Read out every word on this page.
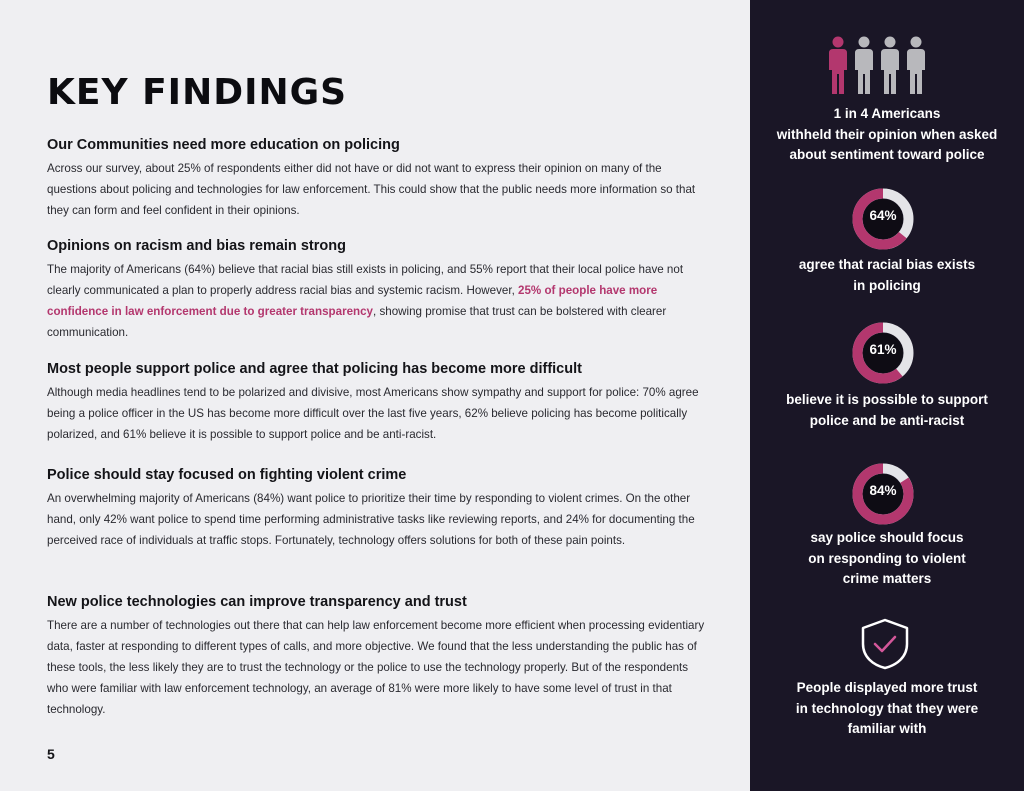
KEY FINDINGS
Our Communities need more education on policing

Across our survey, about 25% of respondents either did not have or did not want to express their opinion on many of the questions about policing and technologies for law enforcement. This could show that the public needs more information so that they can form and feel confident in their opinions.

Opinions on racism and bias remain strong

The majority of Americans (64%) believe that racial bias still exists in policing, and 55% report that their local police have not clearly communicated a plan to properly address racial bias and systemic racism. However, 25% of people have more confidence in law enforcement due to greater transparency, showing promise that trust can be bolstered with clearer communication.

Most people support police and agree that policing has become more difficult

Although media headlines tend to be polarized and divisive, most Americans show sympathy and support for police: 70% agree being a police officer in the US has become more difficult over the last five years, 62% believe policing has become politically polarized, and 61% believe it is possible to support police and be anti-racist.

Police should stay focused on fighting violent crime

An overwhelming majority of Americans (84%) want police to prioritize their time by responding to violent crimes. On the other hand, only 42% want police to spend time performing administrative tasks like reviewing reports, and 24% for documenting the perceived race of individuals at traffic stops. Fortunately, technology offers solutions for both of these pain points.

New police technologies can improve transparency and trust

There are a number of technologies out there that can help law enforcement become more efficient when processing evidentiary data, faster at responding to different types of calls, and more objective. We found that the less understanding the public has of these tools, the less likely they are to trust the technology or the police to use the technology properly. But of the respondents who were familiar with law enforcement technology, an average of 81% were more likely to have some level of trust in that technology.

5
1 in 4 Americans
withheld their opinion when asked
about sentiment toward police
64%
agree that racial bias exists
in policing
61%
believe it is possible to support
police and be anti-racist
84%
say police should focus
on responding to violent
crime matters
People displayed more trust
in technology that they were
familiar with
